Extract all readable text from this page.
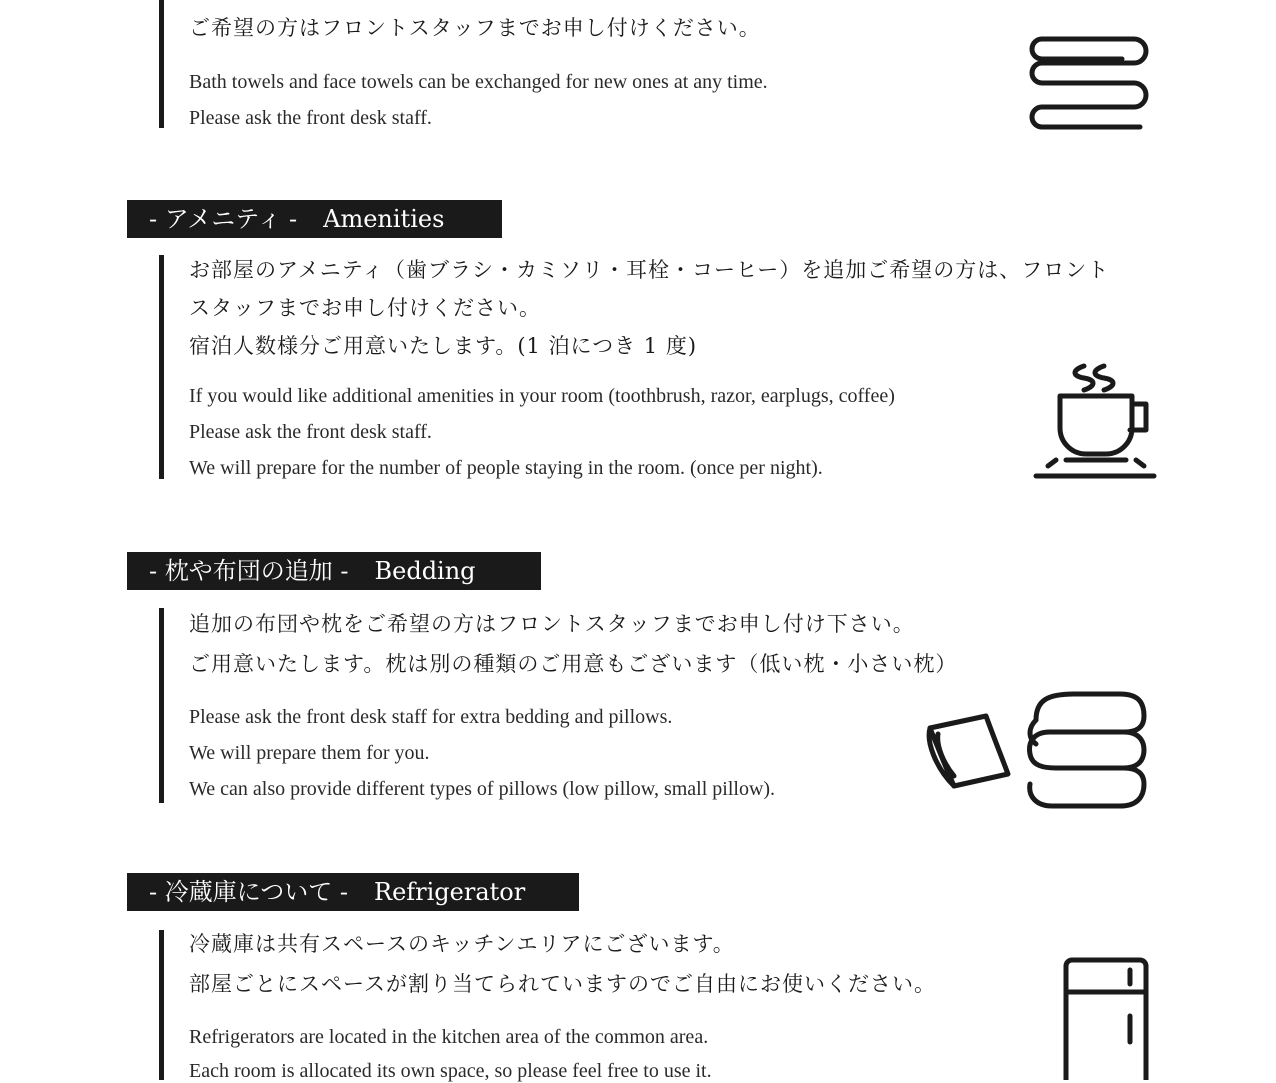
ご希望の方はフロントスタッフまでお申し付けください。
Bath towels and face towels can be exchanged for new ones at any time.
Please ask the front desk staff.
- アメニティ - Amenities
お部屋のアメニティ（歯ブラシ・カミソリ・耳栓・コーヒー）を追加ご希望の方は、フロント
スタッフまでお申し付けください。
宿泊人数様分ご用意いたします。(1 泊につき 1 度)
If you would like additional amenities in your room (toothbrush, razor, earplugs, coffee)
Please ask the front desk staff.
We will prepare for the number of people staying in the room. (once per night).
- 枕や布団の追加 - Bedding
追加の布団や枕をご希望の方はフロントスタッフまでお申し付け下さい。
ご用意いたします。枕は別の種類のご用意もございます（低い枕・小さい枕）
Please ask the front desk staff for extra bedding and pillows.
We will prepare them for you.
We can also provide different types of pillows (low pillow, small pillow).
- 冷蔵庫について - Refrigerator
冷蔵庫は共有スペースのキッチンエリアにございます。
部屋ごとにスペースが割り当てられていますのでご自由にお使いください。
Refrigerators are located in the kitchen area of the common area.
Each room is allocated its own space, so please feel free to use it.
